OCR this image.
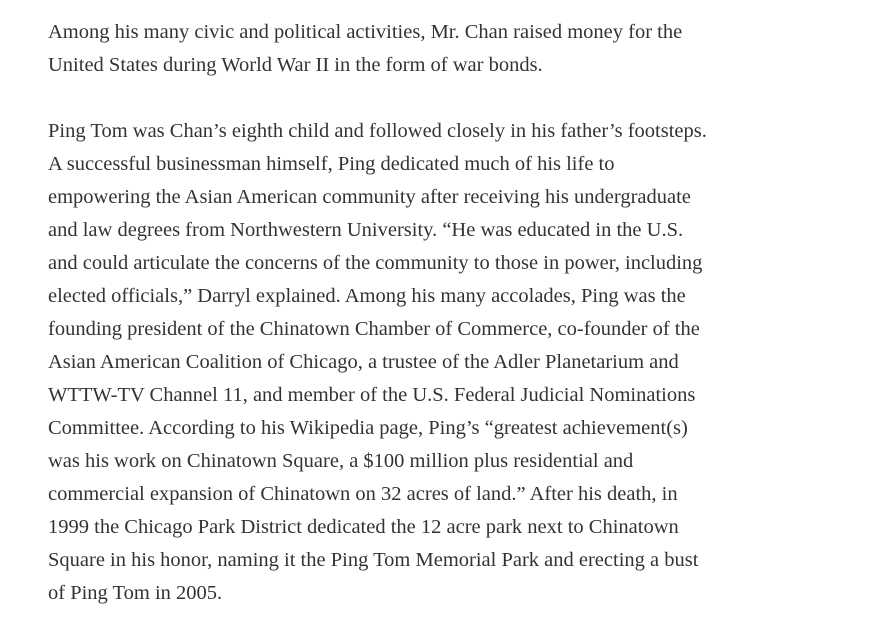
Among his many civic and political activities, Mr. Chan raised money for the
United States during World War II in the form of war bonds.

Ping Tom was Chan’s eighth child and followed closely in his father’s footsteps.
A successful businessman himself, Ping dedicated much of his life to
empowering the Asian American community after receiving his undergraduate
and law degrees from Northwestern University. “He was educated in the U.S.
and could articulate the concerns of the community to those in power, including
elected officials,” Darryl explained. Among his many accolades, Ping was the
founding president of the Chinatown Chamber of Commerce, co-founder of the
Asian American Coalition of Chicago, a trustee of the Adler Planetarium and
WTTW-TV Channel 11, and member of the U.S. Federal Judicial Nominations
Committee. According to his Wikipedia page, Ping’s “greatest achievement(s)
was his work on Chinatown Square, a $100 million plus residential and
commercial expansion of Chinatown on 32 acres of land.” After his death, in
1999 the Chicago Park District dedicated the 12 acre park next to Chinatown
Square in his honor, naming it the Ping Tom Memorial Park and erecting a bust
of Ping Tom in 2005.
